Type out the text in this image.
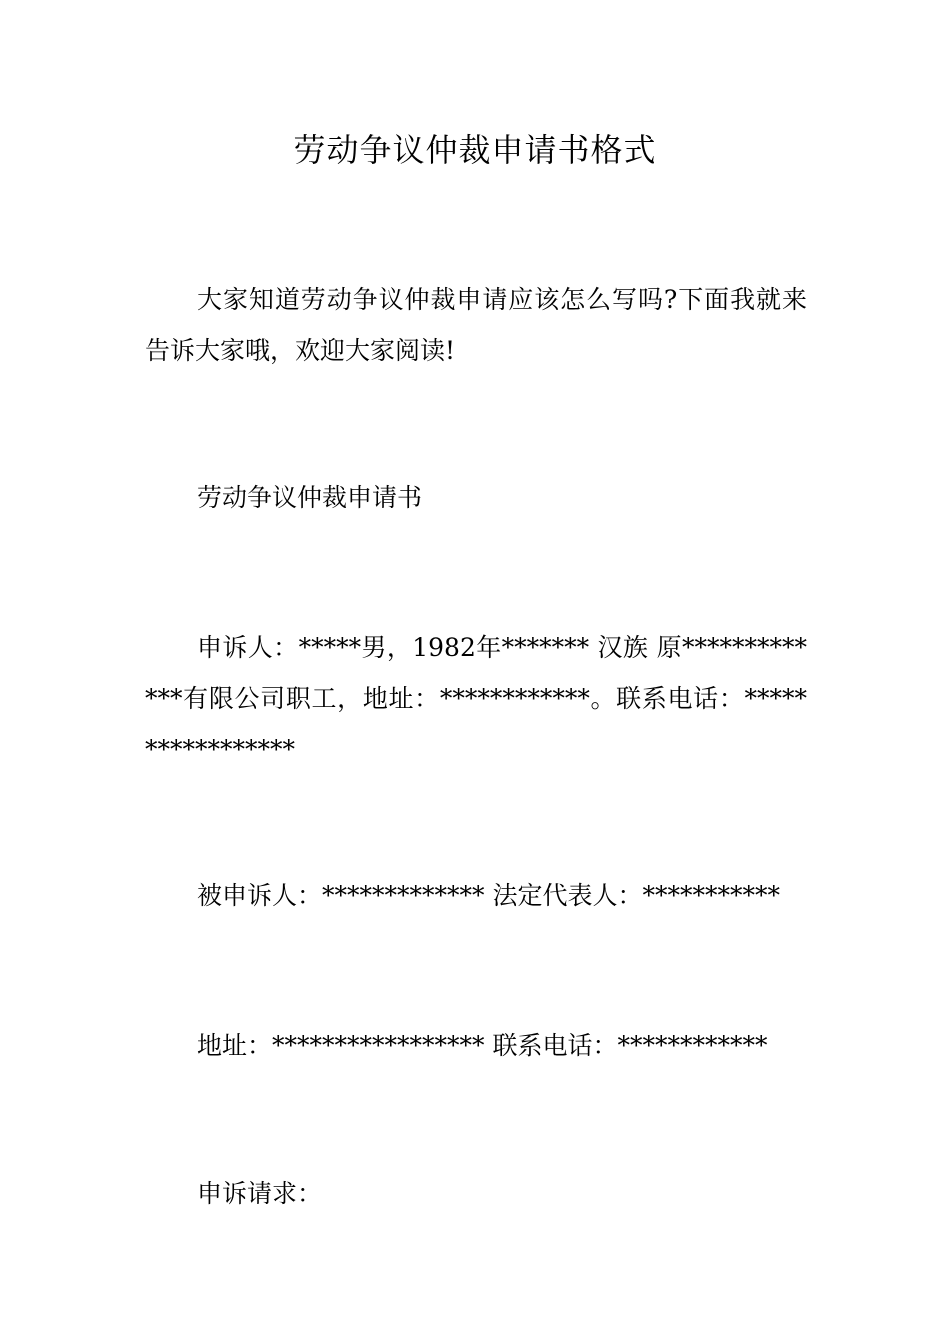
劳动争议仲裁申请书格式

大家知道劳动争议仲裁申请应该怎么写吗?下面我就来告诉大家哦，欢迎大家阅读!

劳动争议仲裁申请书

申诉人：*****男，1982年******* 汉族 原*************有限公司职工，地址：************。联系电话：*****************

被申诉人：************* 法定代表人：***********

地址：***************** 联系电话：************

申诉请求：
